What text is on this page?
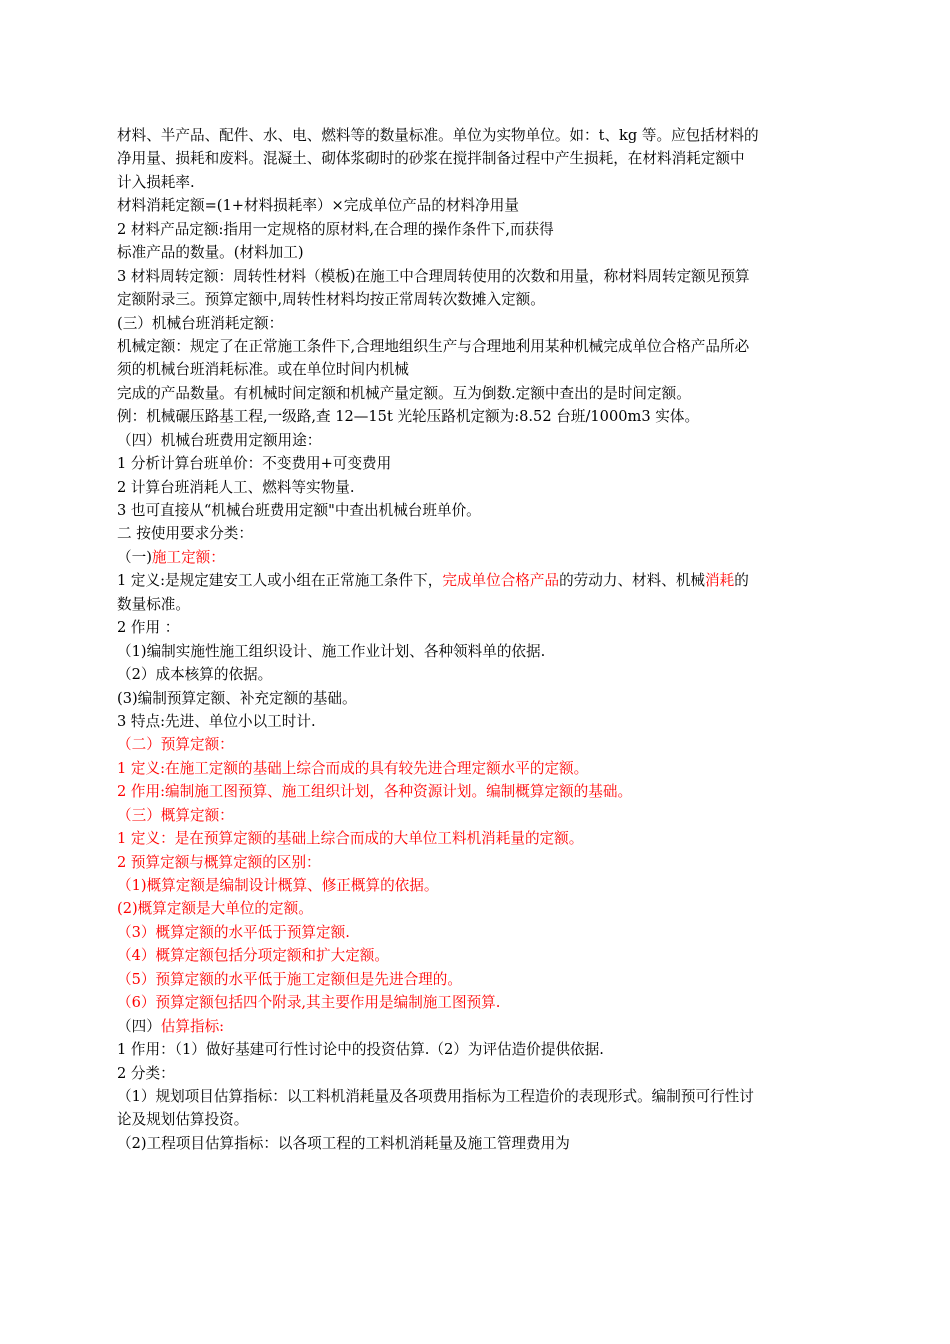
材料、半产品、配件、水、电、燃料等的数量标准。单位为实物单位。如：t、kg 等。应包括材料的
净用量、损耗和废料。混凝土、砌体浆砌时的砂浆在搅拌制备过程中产生损耗，在材料消耗定额中
计入损耗率.
材料消耗定额=(1+材料损耗率）×完成单位产品的材料净用量
2 材料产品定额:指用一定规格的原材料,在合理的操作条件下,而获得
标准产品的数量。(材料加工)
3 材料周转定额：周转性材料（模板)在施工中合理周转使用的次数和用量，称材料周转定额见预算
定额附录三。预算定额中,周转性材料均按正常周转次数摊入定额。
(三）机械台班消耗定额：
机械定额：规定了在正常施工条件下,合理地组织生产与合理地利用某种机械完成单位合格产品所必
须的机械台班消耗标准。或在单位时间内机械
完成的产品数量。有机械时间定额和机械产量定额。互为倒数.定额中查出的是时间定额。
例：机械碾压路基工程,一级路,查 12—15t 光轮压路机定额为:8.52 台班/1000m3 实体。
（四）机械台班费用定额用途：
1 分析计算台班单价：不变费用+可变费用
2 计算台班消耗人工、燃料等实物量.
3 也可直接从“机械台班费用定额"中查出机械台班单价。
二 按使用要求分类：
（一)施工定额：
1 定义:是规定建安工人或小组在正常施工条件下，完成单位合格产品的劳动力、材料、机械消耗的
数量标准。
2 作用 ：
（1)编制实施性施工组织设计、施工作业计划、各种领料单的依据.
（2）成本核算的依据。
(3)编制预算定额、补充定额的基础。
3 特点:先进、单位小以工时计.
（二）预算定额：
1 定义:在施工定额的基础上综合而成的具有较先进合理定额水平的定额。
2 作用:编制施工图预算、施工组织计划，各种资源计划。编制概算定额的基础。
（三）概算定额：
1 定义：是在预算定额的基础上综合而成的大单位工料机消耗量的定额。
2 预算定额与概算定额的区别：
（1)概算定额是编制设计概算、修正概算的依据。
(2)概算定额是大单位的定额。
（3）概算定额的水平低于预算定额.
（4）概算定额包括分项定额和扩大定额。
（5）预算定额的水平低于施工定额但是先进合理的。
（6）预算定额包括四个附录,其主要作用是编制施工图预算.
（四）估算指标:
1 作用：（1）做好基建可行性讨论中的投资估算.（2）为评估造价提供依据.
2 分类：
（1）规划项目估算指标：以工料机消耗量及各项费用指标为工程造价的表现形式。编制预可行性讨
论及规划估算投资。
（2)工程项目估算指标：以各项工程的工料机消耗量及施工管理费用为
